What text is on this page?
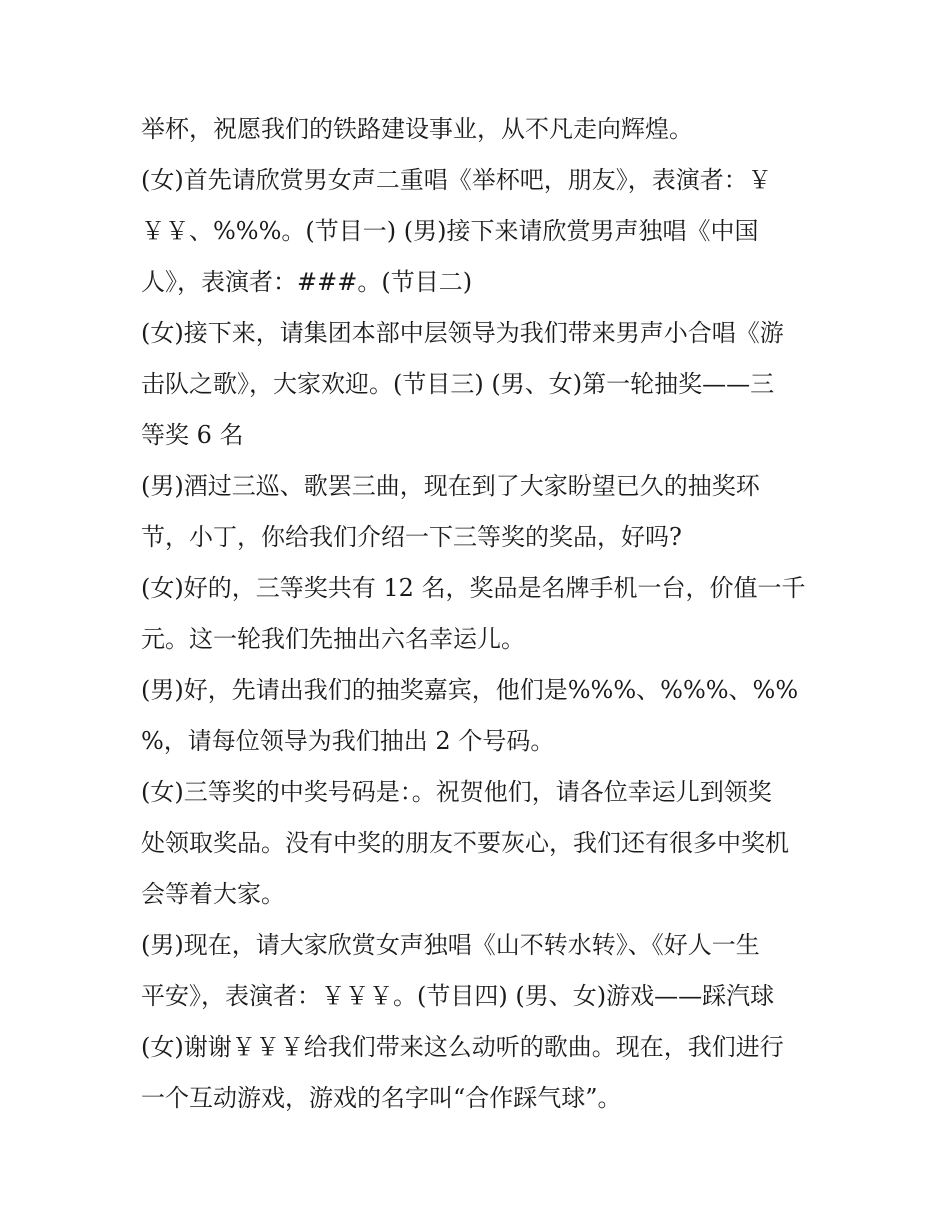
举杯，祝愿我们的铁路建设事业，从不凡走向辉煌。
(女)首先请欣赏男女声二重唱《举杯吧，朋友》，表演者：￥
￥￥、%%%。(节目一) (男)接下来请欣赏男声独唱《中国
人》，表演者：###。(节目二)
(女)接下来，请集团本部中层领导为我们带来男声小合唱《游
击队之歌》，大家欢迎。(节目三) (男、女)第一轮抽奖——三
等奖 6 名
(男)酒过三巡、歌罢三曲，现在到了大家盼望已久的抽奖环
节，小丁，你给我们介绍一下三等奖的奖品，好吗?
(女)好的，三等奖共有 12 名，奖品是名牌手机一台，价值一千
元。这一轮我们先抽出六名幸运儿。
(男)好，先请出我们的抽奖嘉宾，他们是%%%、%%%、%%
%，请每位领导为我们抽出 2 个号码。
(女)三等奖的中奖号码是：。祝贺他们，请各位幸运儿到领奖
处领取奖品。没有中奖的朋友不要灰心，我们还有很多中奖机
会等着大家。
(男)现在，请大家欣赏女声独唱《山不转水转》、《好人一生
平安》，表演者：￥￥￥。(节目四) (男、女)游戏——踩汽球
(女)谢谢￥￥￥给我们带来这么动听的歌曲。现在，我们进行
一个互动游戏，游戏的名字叫“合作踩气球”。
